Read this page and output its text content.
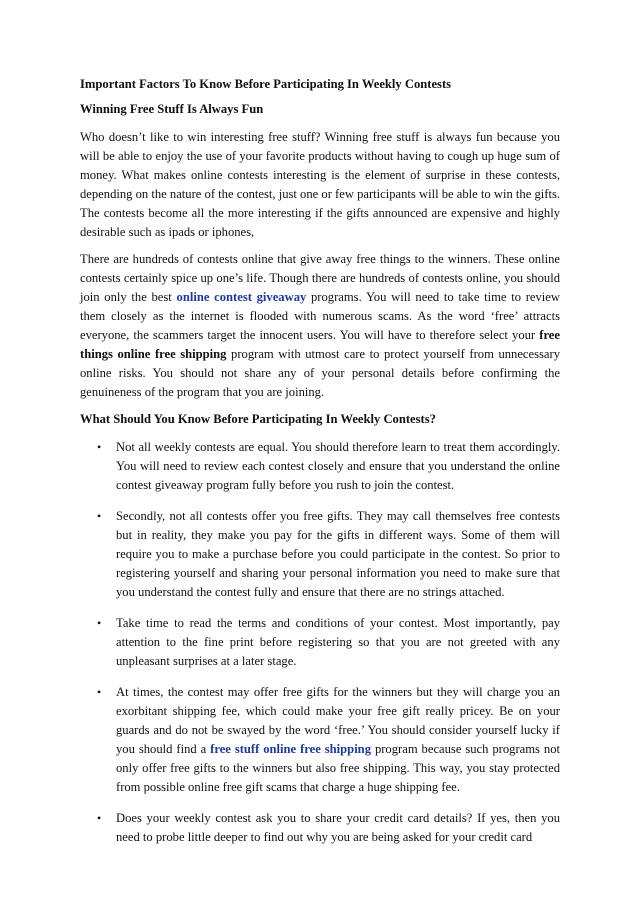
Important Factors To Know Before Participating In Weekly Contests

Winning Free Stuff Is Always Fun

Who doesn’t like to win interesting free stuff? Winning free stuff is always fun because you will be able to enjoy the use of your favorite products without having to cough up huge sum of money. What makes online contests interesting is the element of surprise in these contests, depending on the nature of the contest, just one or few participants will be able to win the gifts. The contests become all the more interesting if the gifts announced are expensive and highly desirable such as ipads or iphones,

There are hundreds of contests online that give away free things to the winners. These online contests certainly spice up one’s life. Though there are hundreds of contests online, you should join only the best online contest giveaway programs. You will need to take time to review them closely as the internet is flooded with numerous scams. As the word ‘free’ attracts everyone, the scammers target the innocent users. You will have to therefore select your free things online free shipping program with utmost care to protect yourself from unnecessary online risks. You should not share any of your personal details before confirming the genuineness of the program that you are joining.

What Should You Know Before Participating In Weekly Contests?

• Not all weekly contests are equal. You should therefore learn to treat them accordingly. You will need to review each contest closely and ensure that you understand the online contest giveaway program fully before you rush to join the contest.
• Secondly, not all contests offer you free gifts. They may call themselves free contests but in reality, they make you pay for the gifts in different ways. Some of them will require you to make a purchase before you could participate in the contest. So prior to registering yourself and sharing your personal information you need to make sure that you understand the contest fully and ensure that there are no strings attached.
• Take time to read the terms and conditions of your contest. Most importantly, pay attention to the fine print before registering so that you are not greeted with any unpleasant surprises at a later stage.
• At times, the contest may offer free gifts for the winners but they will charge you an exorbitant shipping fee, which could make your free gift really pricey. Be on your guards and do not be swayed by the word ‘free.’ You should consider yourself lucky if you should find a free stuff online free shipping program because such programs not only offer free gifts to the winners but also free shipping. This way, you stay protected from possible online free gift scams that charge a huge shipping fee.
• Does your weekly contest ask you to share your credit card details? If yes, then you need to probe little deeper to find out why you are being asked for your credit card
